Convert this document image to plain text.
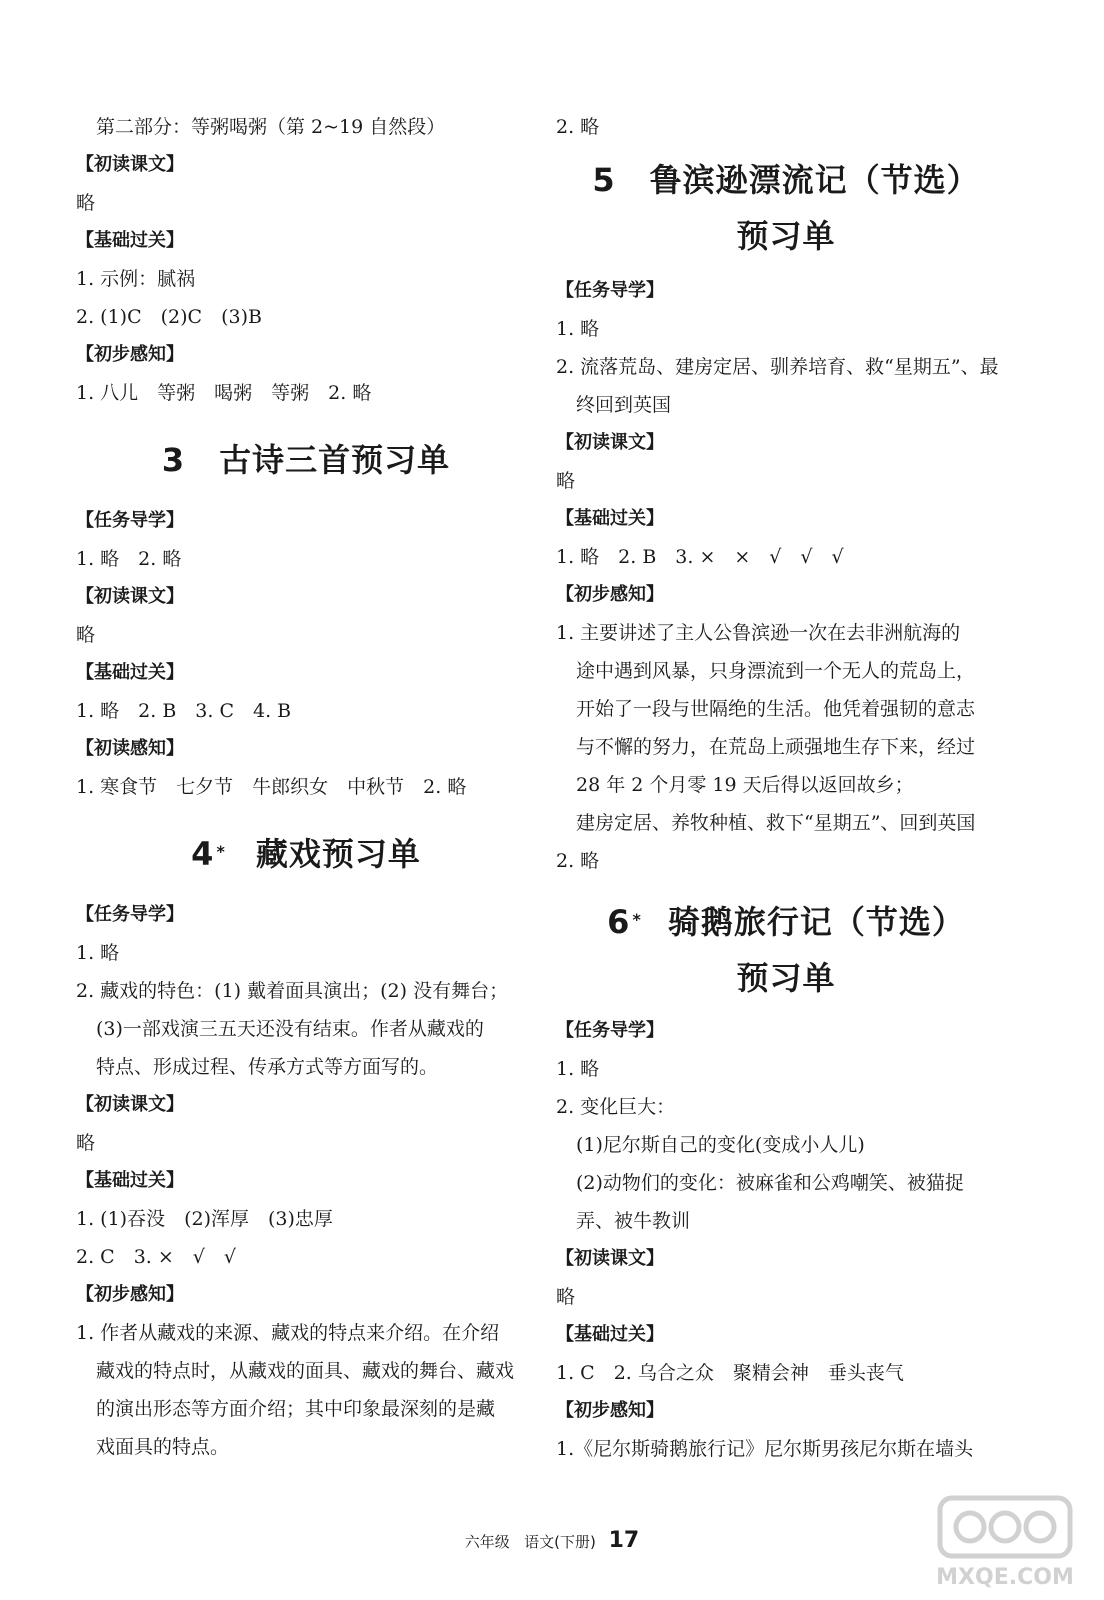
第二部分：等粥喝粥（第 2~19 自然段）
【初读课文】
略
【基础过关】
1. 示例：腻祸
2. (1)C　(2)C　(3)B
【初步感知】
1. 八儿　等粥　喝粥　等粥　2. 略
3 古诗三首预习单
【任务导学】
1. 略　2. 略
【初读课文】
略
【基础过关】
1. 略　2. B　3. C　4. B
【初读感知】
1. 寒食节　七夕节　牛郎织女　中秋节　2. 略
4 * 藏戏预习单
【任务导学】
1. 略
2. 藏戏的特色：(1) 戴着面具演出；(2) 没有舞台；
(3)一部戏演三五天还没有结束。作者从藏戏的
特点、形成过程、传承方式等方面写的。
【初读课文】
略
【基础过关】
1. (1)吞没　(2)浑厚　(3)忠厚
2. C　3. ×　√　√
【初步感知】
1. 作者从藏戏的来源、藏戏的特点来介绍。在介绍
藏戏的特点时，从藏戏的面具、藏戏的舞台、藏戏
的演出形态等方面介绍；其中印象最深刻的是藏
戏面具的特点。
2. 略
5 鲁滨逊漂流记（节选）
预习单
【任务导学】
1. 略
2. 流落荒岛、建房定居、驯养培育、救“星期五”、最
终回到英国
【初读课文】
略
【基础过关】
1. 略　2. B　3. ×　×　√　√　√
【初步感知】
1. 主要讲述了主人公鲁滨逊一次在去非洲航海的
途中遇到风暴，只身漂流到一个无人的荒岛上，
开始了一段与世隔绝的生活。他凭着强韧的意志
与不懈的努力，在荒岛上顽强地生存下来，经过
28 年 2 个月零 19 天后得以返回故乡；
建房定居、养牧种植、救下“星期五”、回到英国
2. 略
6 * 骑鹅旅行记（节选）
预习单
【任务导学】
1. 略
2. 变化巨大：
(1)尼尔斯自己的变化(变成小人儿)
(2)动物们的变化：被麻雀和公鸡嘲笑、被猫捉
弄、被牛教训
【初读课文】
略
【基础过关】
1. C　2. 乌合之众　聚精会神　垂头丧气
【初步感知】
1.《尼尔斯骑鹅旅行记》尼尔斯男孩尼尔斯在墙头
六年级 语文(下册) 17
MXQE.COM
